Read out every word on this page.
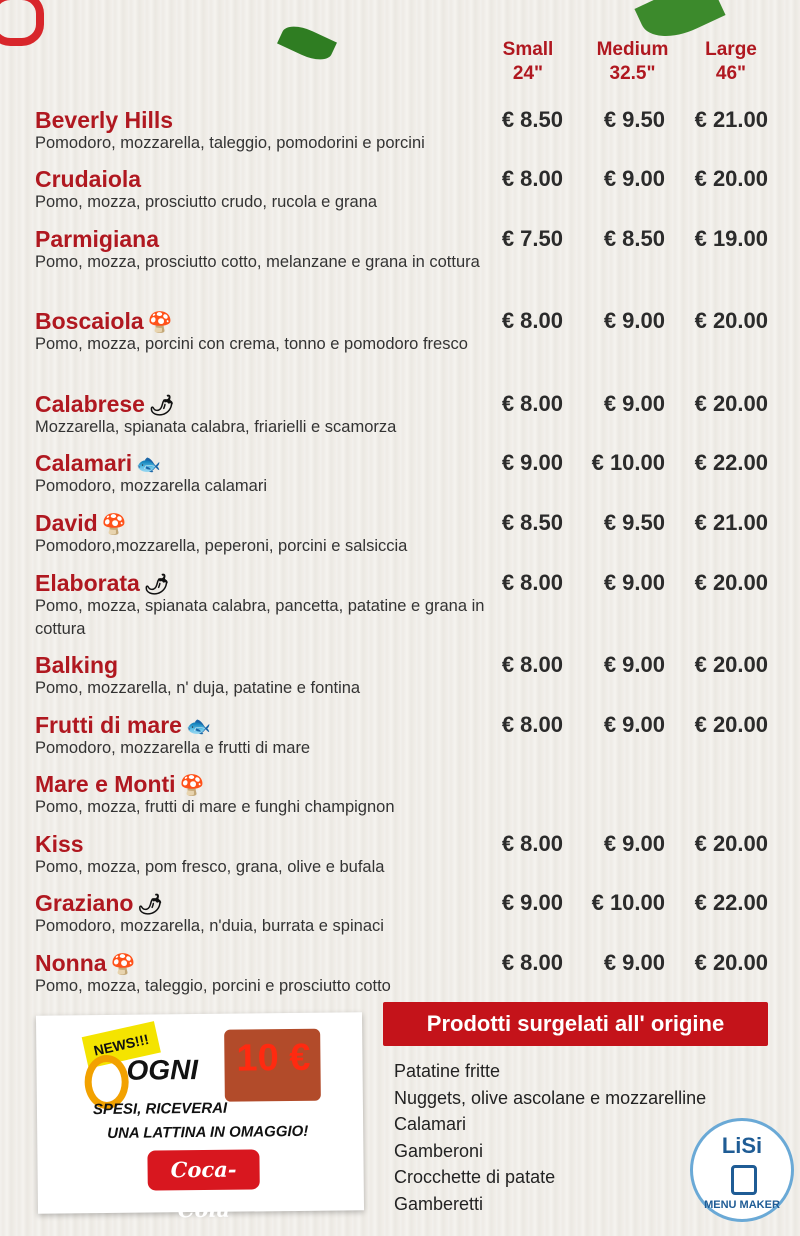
Small
24"
Medium
32.5"
Large
46"
Beverly Hills
Pomodoro, mozzarella, taleggio, pomodorini e porcini
€ 8.50 € 9.50 € 21.00
Crudaiola
Pomo, mozza, prosciutto crudo, rucola e grana
€ 8.00 € 9.00 € 20.00
Parmigiana
Pomo, mozza, prosciutto cotto, melanzane e grana in cottura
€ 7.50 € 8.50 € 19.00
Boscaiola 🍄
Pomo, mozza, porcini con crema, tonno e pomodoro fresco
€ 8.00 € 9.00 € 20.00
Calabrese 🌶
Mozzarella, spianata calabra, friarielli e scamorza
€ 8.00 € 9.00 € 20.00
Calamari 🐟
Pomodoro, mozzarella calamari
€ 9.00 € 10.00 € 22.00
David 🍄
Pomodoro,mozzarella, peperoni, porcini e salsiccia
€ 8.50 € 9.50 € 21.00
Elaborata 🌶
Pomo, mozza, spianata calabra, pancetta, patatine e grana in cottura
€ 8.00 € 9.00 € 20.00
Balking
Pomo, mozzarella, n' duja, patatine e fontina
€ 8.00 € 9.00 € 20.00
Frutti di mare 🐟
Pomodoro, mozzarella e frutti di mare
€ 8.00 € 9.00 € 20.00
Mare e Monti 🍄
Pomo, mozza, frutti di mare e funghi champignon
Kiss
Pomo, mozza, pom fresco, grana, olive e bufala
€ 8.00 € 9.00 € 20.00
Graziano 🌶
Pomodoro, mozzarella, n'duia, burrata e spinaci
€ 9.00 € 10.00 € 22.00
Nonna 🍄
Pomo, mozza, taleggio, porcini e prosciutto cotto
€ 8.00 € 9.00 € 20.00
NEWS!!!
OGNI 10 €
SPESI, RICEVERAI
UNA LATTINA IN OMAGGIO!
Coca-Cola
Prodotti surgelati all' origine
Patatine fritte
Nuggets, olive ascolane e mozzarelline
Calamari
Gamberoni
Crocchette di patate
Gamberetti
LiSi
MENU MAKER
